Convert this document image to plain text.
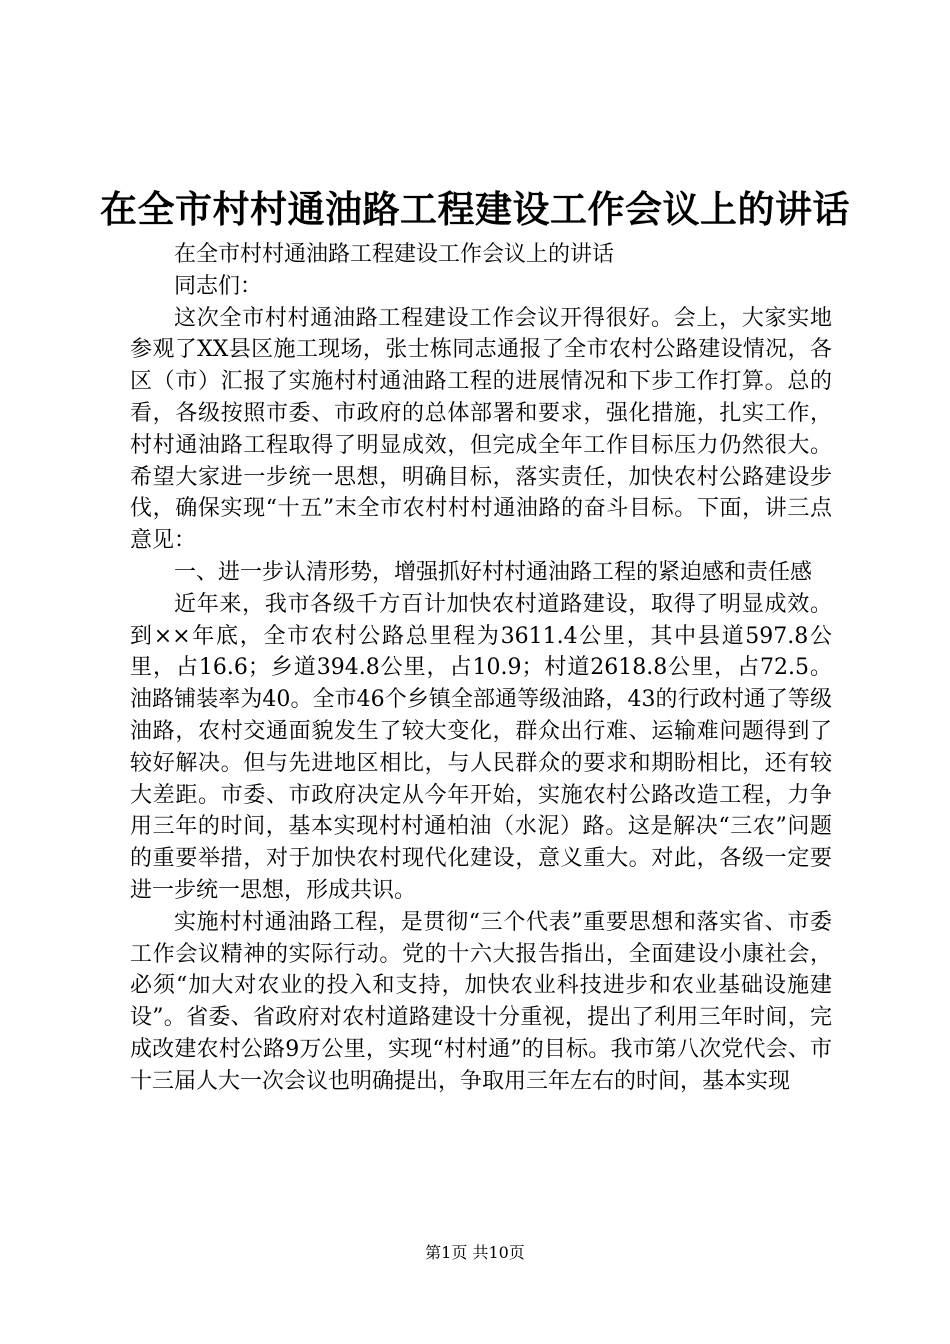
在全市村村通油路工程建设工作会议上的讲话

在全市村村通油路工程建设工作会议上的讲话

同志们：

这次全市村村通油路工程建设工作会议开得很好。会上，大家实地参观了XX县区施工现场，张士栋同志通报了全市农村公路建设情况，各区（市）汇报了实施村村通油路工程的进展情况和下步工作打算。总的看，各级按照市委、市政府的总体部署和要求，强化措施，扎实工作，村村通油路工程取得了明显成效，但完成全年工作目标压力仍然很大。希望大家进一步统一思想，明确目标，落实责任，加快农村公路建设步伐，确保实现“十五”末全市农村村村通油路的奋斗目标。下面，讲三点意见：

一、进一步认清形势，增强抓好村村通油路工程的紧迫感和责任感

近年来，我市各级千方百计加快农村道路建设，取得了明显成效。到××年底，全市农村公路总里程为3611.4公里，其中县道597.8公里，占16.6；乡道394.8公里，占10.9；村道2618.8公里，占72.5。油路铺装率为40。全市46个乡镇全部通等级油路，43的行政村通了等级油路，农村交通面貌发生了较大变化，群众出行难、运输难问题得到了较好解决。但与先进地区相比，与人民群众的要求和期盼相比，还有较大差距。市委、市政府决定从今年开始，实施农村公路改造工程，力争用三年的时间，基本实现村村通柏油（水泥）路。这是解决“三农”问题的重要举措，对于加快农村现代化建设，意义重大。对此，各级一定要进一步统一思想，形成共识。

实施村村通油路工程，是贯彻“三个代表”重要思想和落实省、市委工作会议精神的实际行动。党的十六大报告指出，全面建设小康社会，必须“加大对农业的投入和支持，加快农业科技进步和农业基础设施建设”。省委、省政府对农村道路建设十分重视，提出了利用三年时间，完成改建农村公路9万公里，实现“村村通”的目标。我市第八次党代会、市十三届人大一次会议也明确提出，争取用三年左右的时间，基本实现

第1页 共10页
